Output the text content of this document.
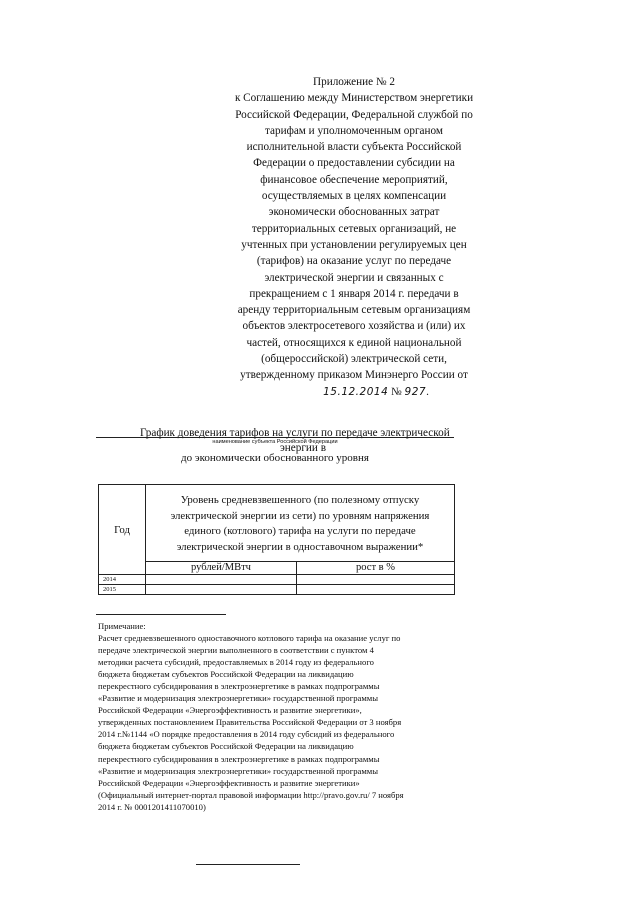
Приложение № 2
к Соглашению между Министерством энергетики
Российской Федерации, Федеральной службой по
тарифам и уполномоченным органом
исполнительной власти субъекта Российской
Федерации о предоставлении субсидии на
финансовое обеспечение мероприятий,
осуществляемых в целях компенсации
экономически обоснованных затрат
территориальных сетевых организаций, не
учтенных при установлении регулируемых цен
(тарифов) на оказание услуг по передаче
электрической энергии и связанных с
прекращением с 1 января 2014 г. передачи в
аренду территориальным сетевым организациям
объектов электросетевого хозяйства и (или) их
частей, относящихся к единой национальной
(общероссийской) электрической сети,
утвержденному приказом Минэнерго России от
15.12.2014 № 927.
График доведения тарифов на услуги по передаче электрической
энергии в
наименование субъекта Российской Федерации
до экономически обоснованного уровня
Год	Уровень средневзвешенного (по полезному отпуску
электрической энергии из сети) по уровням напряжения
единого (котлового) тарифа на услуги по передаче
электрической энергии в одноставочном выражении*	

	рублей/МВтч	рост в %
2014		
2015		
Примечание:
Расчет средневзвешенного одноставочного котлового тарифа на оказание услуг по
передаче электрической энергии выполненного в соответствии с пунктом 4
методики расчета субсидий, предоставляемых в 2014 году из федерального
бюджета бюджетам субъектов Российской Федерации на ликвидацию
перекрестного субсидирования в электроэнергетике в рамках подпрограммы
«Развитие и модернизация электроэнергетики» государственной программы
Российской Федерации «Энергоэффективность и развитие энергетики»,
утвержденных постановлением Правительства Российской Федерации от 3 ноября
2014 г.№1144 «О порядке предоставления в 2014 году субсидий из федерального
бюджета бюджетам субъектов Российской Федерации на ликвидацию
перекрестного субсидирования в электроэнергетике в рамках подпрограммы
«Развитие и модернизация электроэнергетики» государственной программы
Российской Федерации «Энергоэффективность и развитие энергетики»
(Официальный интернет-портал правовой информации http://pravo.gov.ru/ 7 ноября
2014 г. № 0001201411070010)
